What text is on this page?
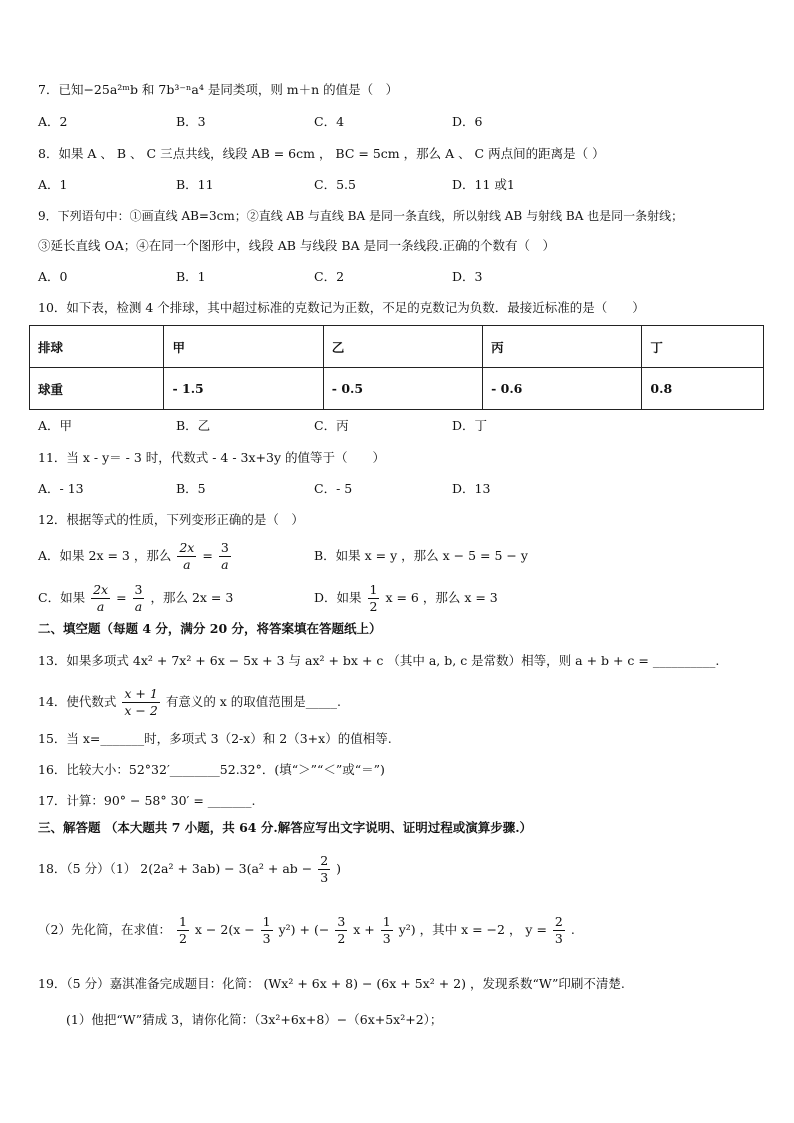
7．已知−25a²ᵐb 和 7b³⁻ⁿa⁴ 是同类项，则 m＋n 的值是（　）
A．2	B．3	C．4	D．6
8．如果 A 、 B 、 C 三点共线，线段 AB = 6cm ， BC = 5cm ，那么 A 、 C 两点间的距离是（ ）
A．1	B．11	C．5.5	D．11 或1
9．下列语句中：①画直线 AB=3cm；②直线 AB 与直线 BA 是同一条直线，所以射线 AB 与射线 BA 也是同一条射线；
③延长直线 OA；④在同一个图形中，线段 AB 与线段 BA 是同一条线段.正确的个数有（　）
A．0	B．1	C．2	D．3
10．如下表，检测 4 个排球，其中超过标准的克数记为正数，不足的克数记为负数．最接近标准的是（　　）
排球	甲	乙	丙	丁
球重	- 1.5	- 0.5	- 0.6	0.8
A．甲	B．乙	C．丙	D．丁
11．当 x - y＝ - 3 时，代数式 - 4 - 3x+3y 的值等于（　　）
A．- 13	B．5	C．- 5	D．13
12．根据等式的性质，下列变形正确的是（　）
A．如果 2x = 3 ，那么 $\frac{2x}{a} = \frac{3}{a}$	B．如果 x = y ，那么 x − 5 = 5 − y
C．如果 $\frac{2x}{a} = \frac{3}{a}$ ，那么 2x = 3	D．如果 $\frac{1}{2}$ x = 6 ，那么 x = 3
二、填空题（每题 4 分，满分 20 分，将答案填在答题纸上）
13．如果多项式 4x² + 7x² + 6x − 5x + 3 与 ax² + bx + c （其中 a, b, c 是常数）相等，则 a + b + c = __________.
14．使代数式 $\frac{x + 1}{x - 2}$ 有意义的 x 的取值范围是_____.
15．当 x=_______时，多项式 3（2-x）和 2（3+x）的值相等.
16．比较大小：52°32′________52.32°．(填“＞”“＜”或“＝”)
17．计算：90° − 58° 30′ = _______.
三、解答题 （本大题共 7 小题，共 64 分.解答应写出文字说明、证明过程或演算步骤.）
18．（5 分）（1） 2(2a² + 3ab) − 3(a² + ab − $\frac{2}{3}$ )
（2）先化简，在求值： $\frac{1}{2}$ $x - 2(x - \frac{1}{3} y^2)$ + (− $\frac{3}{2}$ $x + \frac{1}{3} y^2$) ，其中 x = −2 ， $y = \frac{2}{3}$ .
19．（5 分）嘉淇准备完成题目：化简： (Wx² + 6x + 8) − (6x + 5x² + 2) ，发现系数“W”印刷不清楚.
(1）他把“W”猜成 3，请你化简：（3x²+6x+8）−（6x+5x²+2）；
